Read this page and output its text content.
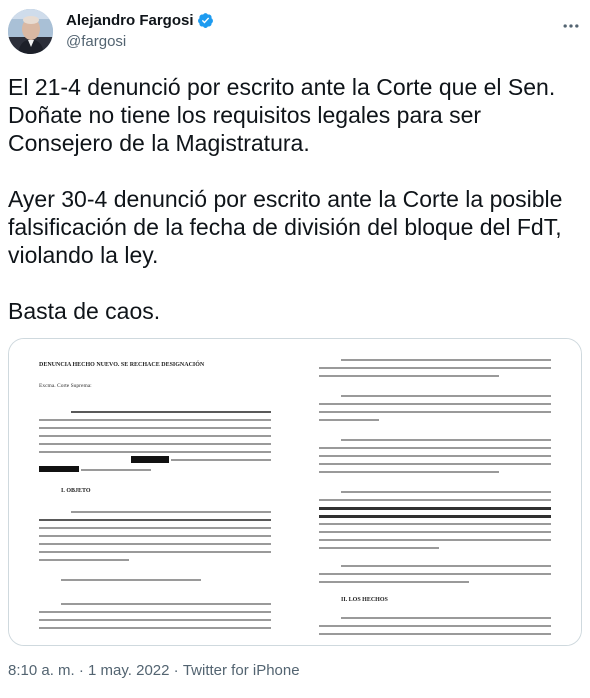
Alejandro Fargosi
@fargosi

El 21-4 denunció por escrito ante la Corte que el Sen.
Doñate no tiene los requisitos legales para ser
Consejero de la Magistratura.

Ayer 30-4 denunció por escrito ante la Corte la posible
falsificación de la fecha de división del bloque del FdT,
violando la ley.

Basta de caos.

DENUNCIA HECHO NUEVO. SE RECHACE DESIGNACIÓN
Excma. Corte Suprema:
I. OBJETO
II. LOS HECHOS
8:10 a. m. · 1 may. 2022 · Twitter for iPhone
